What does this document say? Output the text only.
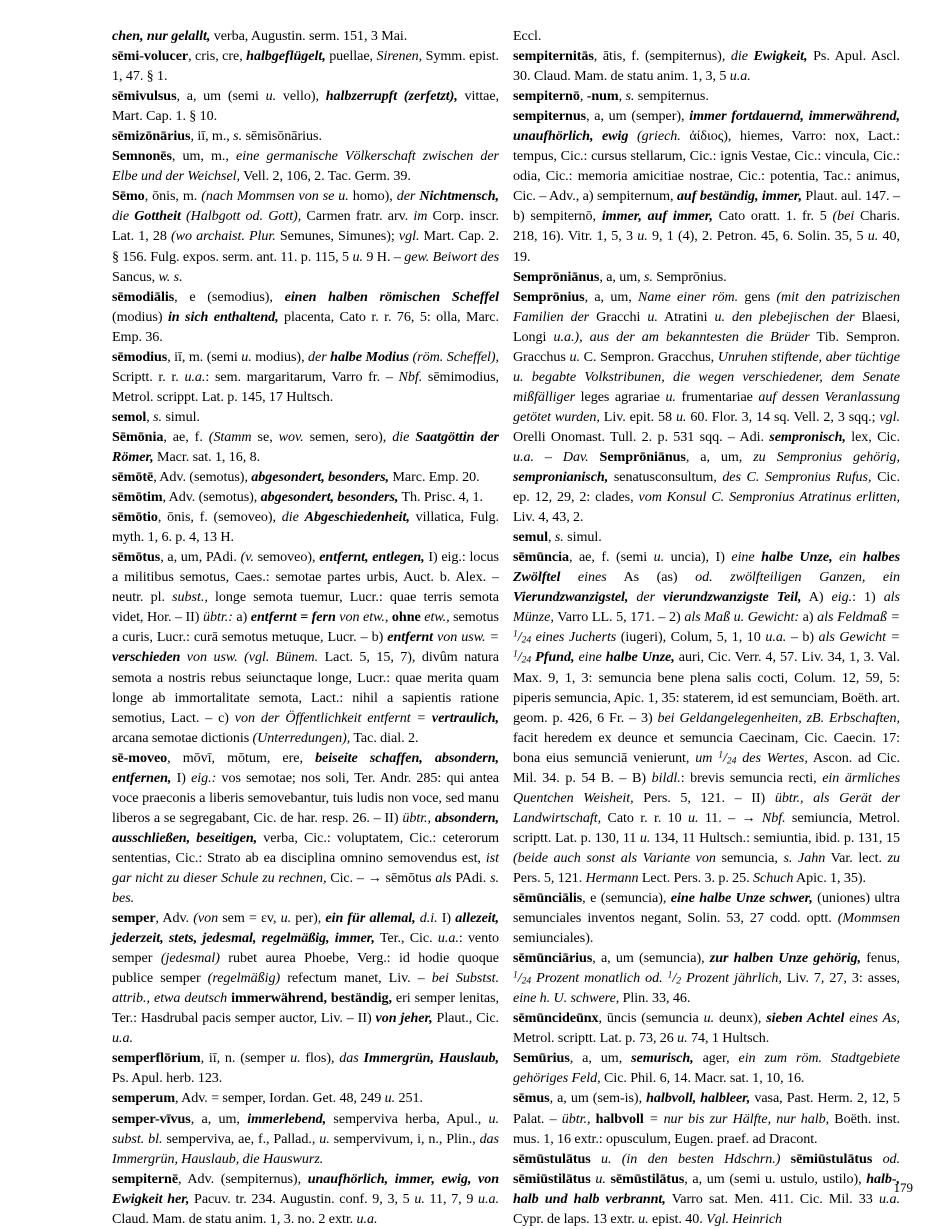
chen, nur gelallt, verba, Augustin. serm. 151, 3 Mai.

sēmi-volucer, cris, cre, halbgeflügelt, puellae, Sirenen, Symm. epist. 1, 47. § 1.

sēmivulsus, a, um (semi u. vello), halbzerrupft (zerfetzt), vittae, Mart. Cap. 1. § 10.

sēmizōnārius, iī, m., s. sēmisōnārius.

Semnonēs, um, m., eine germanische Völkerschaft zwischen der Elbe und der Weichsel, Vell. 2, 106, 2. Tac. Germ. 39.

Sēmo, ōnis, m. (nach Mommsen von se u. homo), der Nichtmensch, die Gottheit (Halbgott od. Gott), Carmen fratr. arv. im Corp. inscr. Lat. 1, 28 (wo archaist. Plur. Semunes, Simunes); vgl. Mart. Cap. 2. § 156. Fulg. expos. serm. ant. 11. p. 115, 5 u. 9 H. – gew. Beiwort des Sancus, w. s.

sēmodiālis, e (semodius), einen halben römischen Scheffel (modius) in sich enthaltend, placenta, Cato r. r. 76, 5: olla, Marc. Emp. 36.

sēmodius, iī, m. (semi u. modius), der halbe Modius (röm. Scheffel), Scriptt. r. r. u.a.: sem. margaritarum, Varro fr. – Nbf. sēmimodius, Metrol. scrippt. Lat. p. 145, 17 Hultsch.

semol, s. simul.

Sēmōnia, ae, f. (Stamm se, wov. semen, sero), die Saatgöttin der Römer, Macr. sat. 1, 16, 8.

sēmōtē, Adv. (semotus), abgesondert, besonders, Marc. Emp. 20.

sēmōtim, Adv. (semotus), abgesondert, besonders, Th. Prisc. 4, 1.

sēmōtio, ōnis, f. (semoveo), die Abgeschiedenheit, villatica, Fulg. myth. 1, 6. p. 4, 13 H.

sēmōtus, a, um, PAdi. (v. semoveo), entfernt, entlegen, I) eig.: locus a militibus semotus, Caes.: semotae partes urbis, Auct. b. Alex. – neutr. pl. subst., longe semota tuemur, Lucr.: quae terris semota videt, Hor. – II) übtr.: a) entfernt = fern von etw., ohne etw., semotus a curis, Lucr.: curā semotus metuque, Lucr. – b) entfernt von usw. = verschieden von usw. (vgl. Bünem. Lact. 5, 15, 7), divûm natura semota a nostris rebus seiunctaque longe, Lucr.: quae merita quam longe ab immortalitate semota, Lact.: nihil a sapientis ratione semotius, Lact. – c) von der Öffentlichkeit entfernt = vertraulich, arcana semotae dictionis (Unterredungen), Tac. dial. 2.

sē-moveo, mōvī, mōtum, ere, beiseite schaffen, absondern, entfernen, I) eig.: vos semotae; nos soli, Ter. Andr. 285: qui antea voce praeconis a liberis semovebantur, tuis ludis non voce, sed manu liberos a se segregabant, Cic. de har. resp. 26. – II) übtr., absondern, ausschließen, beseitigen, verba, Cic.: voluptatem, Cic.: ceterorum sententias, Cic.: Strato ab ea disciplina omnino semovendus est, ist gar nicht zu dieser Schule zu rechnen, Cic. – → sēmōtus als PAdi. s. bes.

semper, Adv. (von sem = εv, u. per), ein für allemal, d.i. I) allezeit, jederzeit, stets, jedesmal, regelmäßig, immer, Ter., Cic. u.a.: vento semper (jedesmal) rubet aurea Phoebe, Verg.: id hodie quoque publice semper (regelmäßig) refectum manet, Liv. – bei Substst. attrib., etwa deutsch immerwährend, beständig, eri semper lenitas, Ter.: Hasdrubal pacis semper auctor, Liv. – II) von jeher, Plaut., Cic. u.a.

semperflōrium, iī, n. (semper u. flos), das Immergrün, Hauslaub, Ps. Apul. herb. 123.

semperum, Adv. = semper, Iordan. Get. 48, 249 u. 251.

semper-vīvus, a, um, immerlebend, semperviva herba, Apul., u. subst. bl. semperviva, ae, f., Pallad., u. sempervivum, i, n., Plin., das Immergrün, Hauslaub, die Hauswurz.

sempiternē, Adv. (sempiternus), unaufhörlich, immer, ewig, von Ewigkeit her, Pacuv. tr. 234. Augustin. conf. 9, 3, 5 u. 11, 7, 9 u.a. Claud. Mam. de statu anim. 1, 3. no. 2 extr. u.a.

Eccl.

sempiternitās, ātis, f. (sempiternus), die Ewigkeit, Ps. Apul. Ascl. 30. Claud. Mam. de statu anim. 1, 3, 5 u.a.

sempiternō, -num, s. sempiternus.

sempiternus, a, um (semper), immer fortdauernd, immerwährend, unaufhörlich, ewig (griech. ἀίδιος), hiemes, Varro: nox, Lact.: tempus, Cic.: cursus stellarum, Cic.: ignis Vestae, Cic.: vincula, Cic.: odia, Cic.: memoria amicitiae nostrae, Cic.: potentia, Tac.: animus, Cic. – Adv., a) sempiternum, auf beständig, immer, Plaut. aul. 147. – b) sempiternō, immer, auf immer, Cato oratt. 1. fr. 5 (bei Charis. 218, 16). Vitr. 1, 5, 3 u. 9, 1 (4), 2. Petron. 45, 6. Solin. 35, 5 u. 40, 19.

Semprōniānus, a, um, s. Semprōnius.

Semprōnius, a, um, Name einer röm. gens (mit den patrizischen Familien der Gracchi u. Atratini u. den plebejischen der Blaesi, Longi u.a.), aus der am bekanntesten die Brüder Tib. Sempron. Gracchus u. C. Sempron. Gracchus, Unruhen stiftende, aber tüchtige u. begabte Volkstribunen, die wegen verschiedener, dem Senate mißfälliger leges agrariae u. frumentariae auf dessen Veranlassung getötet wurden, Liv. epit. 58 u. 60. Flor. 3, 14 sq. Vell. 2, 3 sqq.; vgl. Orelli Onomast. Tull. 2. p. 531 sqq. – Adi. sempronisch, lex, Cic. u.a. – Dav. Semprōniānus, a, um, zu Sempronius gehörig, sempronianisch, senatusconsultum, des C. Sempronius Rufus, Cic. ep. 12, 29, 2: clades, vom Konsul C. Sempronius Atratinus erlitten, Liv. 4, 43, 2.

semul, s. simul.

sēmūncia, ae, f. (semi u. uncia), I) eine halbe Unze, ein halbes Zwölftel eines As (as) od. zwölfteiligen Ganzen, ein Vierundzwanzigstel, der vierundzwanzigste Teil, A) eig.: 1) als Münze, Varro LL. 5, 171. – 2) als Maß u. Gewicht: a) als Feldmaß = $^1/_{24}$ eines Jucherts (iugeri), Colum, 5, 1, 10 u.a. – b) als Gewicht = $^1/_{24}$ Pfund, eine halbe Unze, auri, Cic. Verr. 4, 57. Liv. 34, 1, 3. Val. Max. 9, 1, 3: semuncia bene plena salis cocti, Colum. 12, 59, 5: piperis semuncia, Apic. 1, 35: staterem, id est semunciam, Boëth. art. geom. p. 426, 6 Fr. – 3) bei Geldangelegenheiten, zB. Erbschaften, facit heredem ex deunce et semuncia Caecinam, Cic. Caecin. 17: bona eius semunciā venierunt, um $^1/_{24}$ des Wertes, Ascon. ad Cic. Mil. 34. p. 54 B. – B) bildl.: brevis semuncia recti, ein ärmliches Quentchen Weisheit, Pers. 5, 121. – II) übtr., als Gerät der Landwirtschaft, Cato r. r. 10 u. 11. – → Nbf. semiuncia, Metrol. scriptt. Lat. p. 130, 11 u. 134, 11 Hultsch.: semiuntia, ibid. p. 131, 15 (beide auch sonst als Variante von semuncia, s. Jahn Var. lect. zu Pers. 5, 121. Hermann Lect. Pers. 3. p. 25. Schuch Apic. 1, 35).

sēmūnciālis, e (semuncia), eine halbe Unze schwer, (uniones) ultra semunciales inventos negant, Solin. 53, 27 codd. optt. (Mommsen semiunciales).

sēmūnciārius, a, um (semuncia), zur halben Unze gehörig, fenus, $^1/_{24}$ Prozent monatlich od. $^1/_2$ Prozent jährlich, Liv. 7, 27, 3: asses, eine h. U. schwere, Plin. 33, 46.

sēmūncideūnx, ūncis (semuncia u. deunx), sieben Achtel eines As, Metrol. scriptt. Lat. p. 73, 26 u. 74, 1 Hultsch.

Semūrius, a, um, semurisch, ager, ein zum röm. Stadtgebiete gehöriges Feld, Cic. Phil. 6, 14. Macr. sat. 1, 10, 16.

sēmus, a, um (sem-is), halbvoll, halbleer, vasa, Past. Herm. 2, 12, 5 Palat. – übtr., halbvoll = nur bis zur Hälfte, nur halb, Boëth. inst. mus. 1, 16 extr.: opusculum, Eugen. praef. ad Dracont.

sēmūstulātus u. (in den besten Hdschrn.) sēmiūstulātus od. sēmiūstilātus u. sēmūstilātus, a, um (semi u. ustulo, ustilo), halb-, halb und halb verbrannt, Varro sat. Men. 411. Cic. Mil. 33 u.a. Cypr. de laps. 13 extr. u. epist. 40. Vgl. Heinrich

179
